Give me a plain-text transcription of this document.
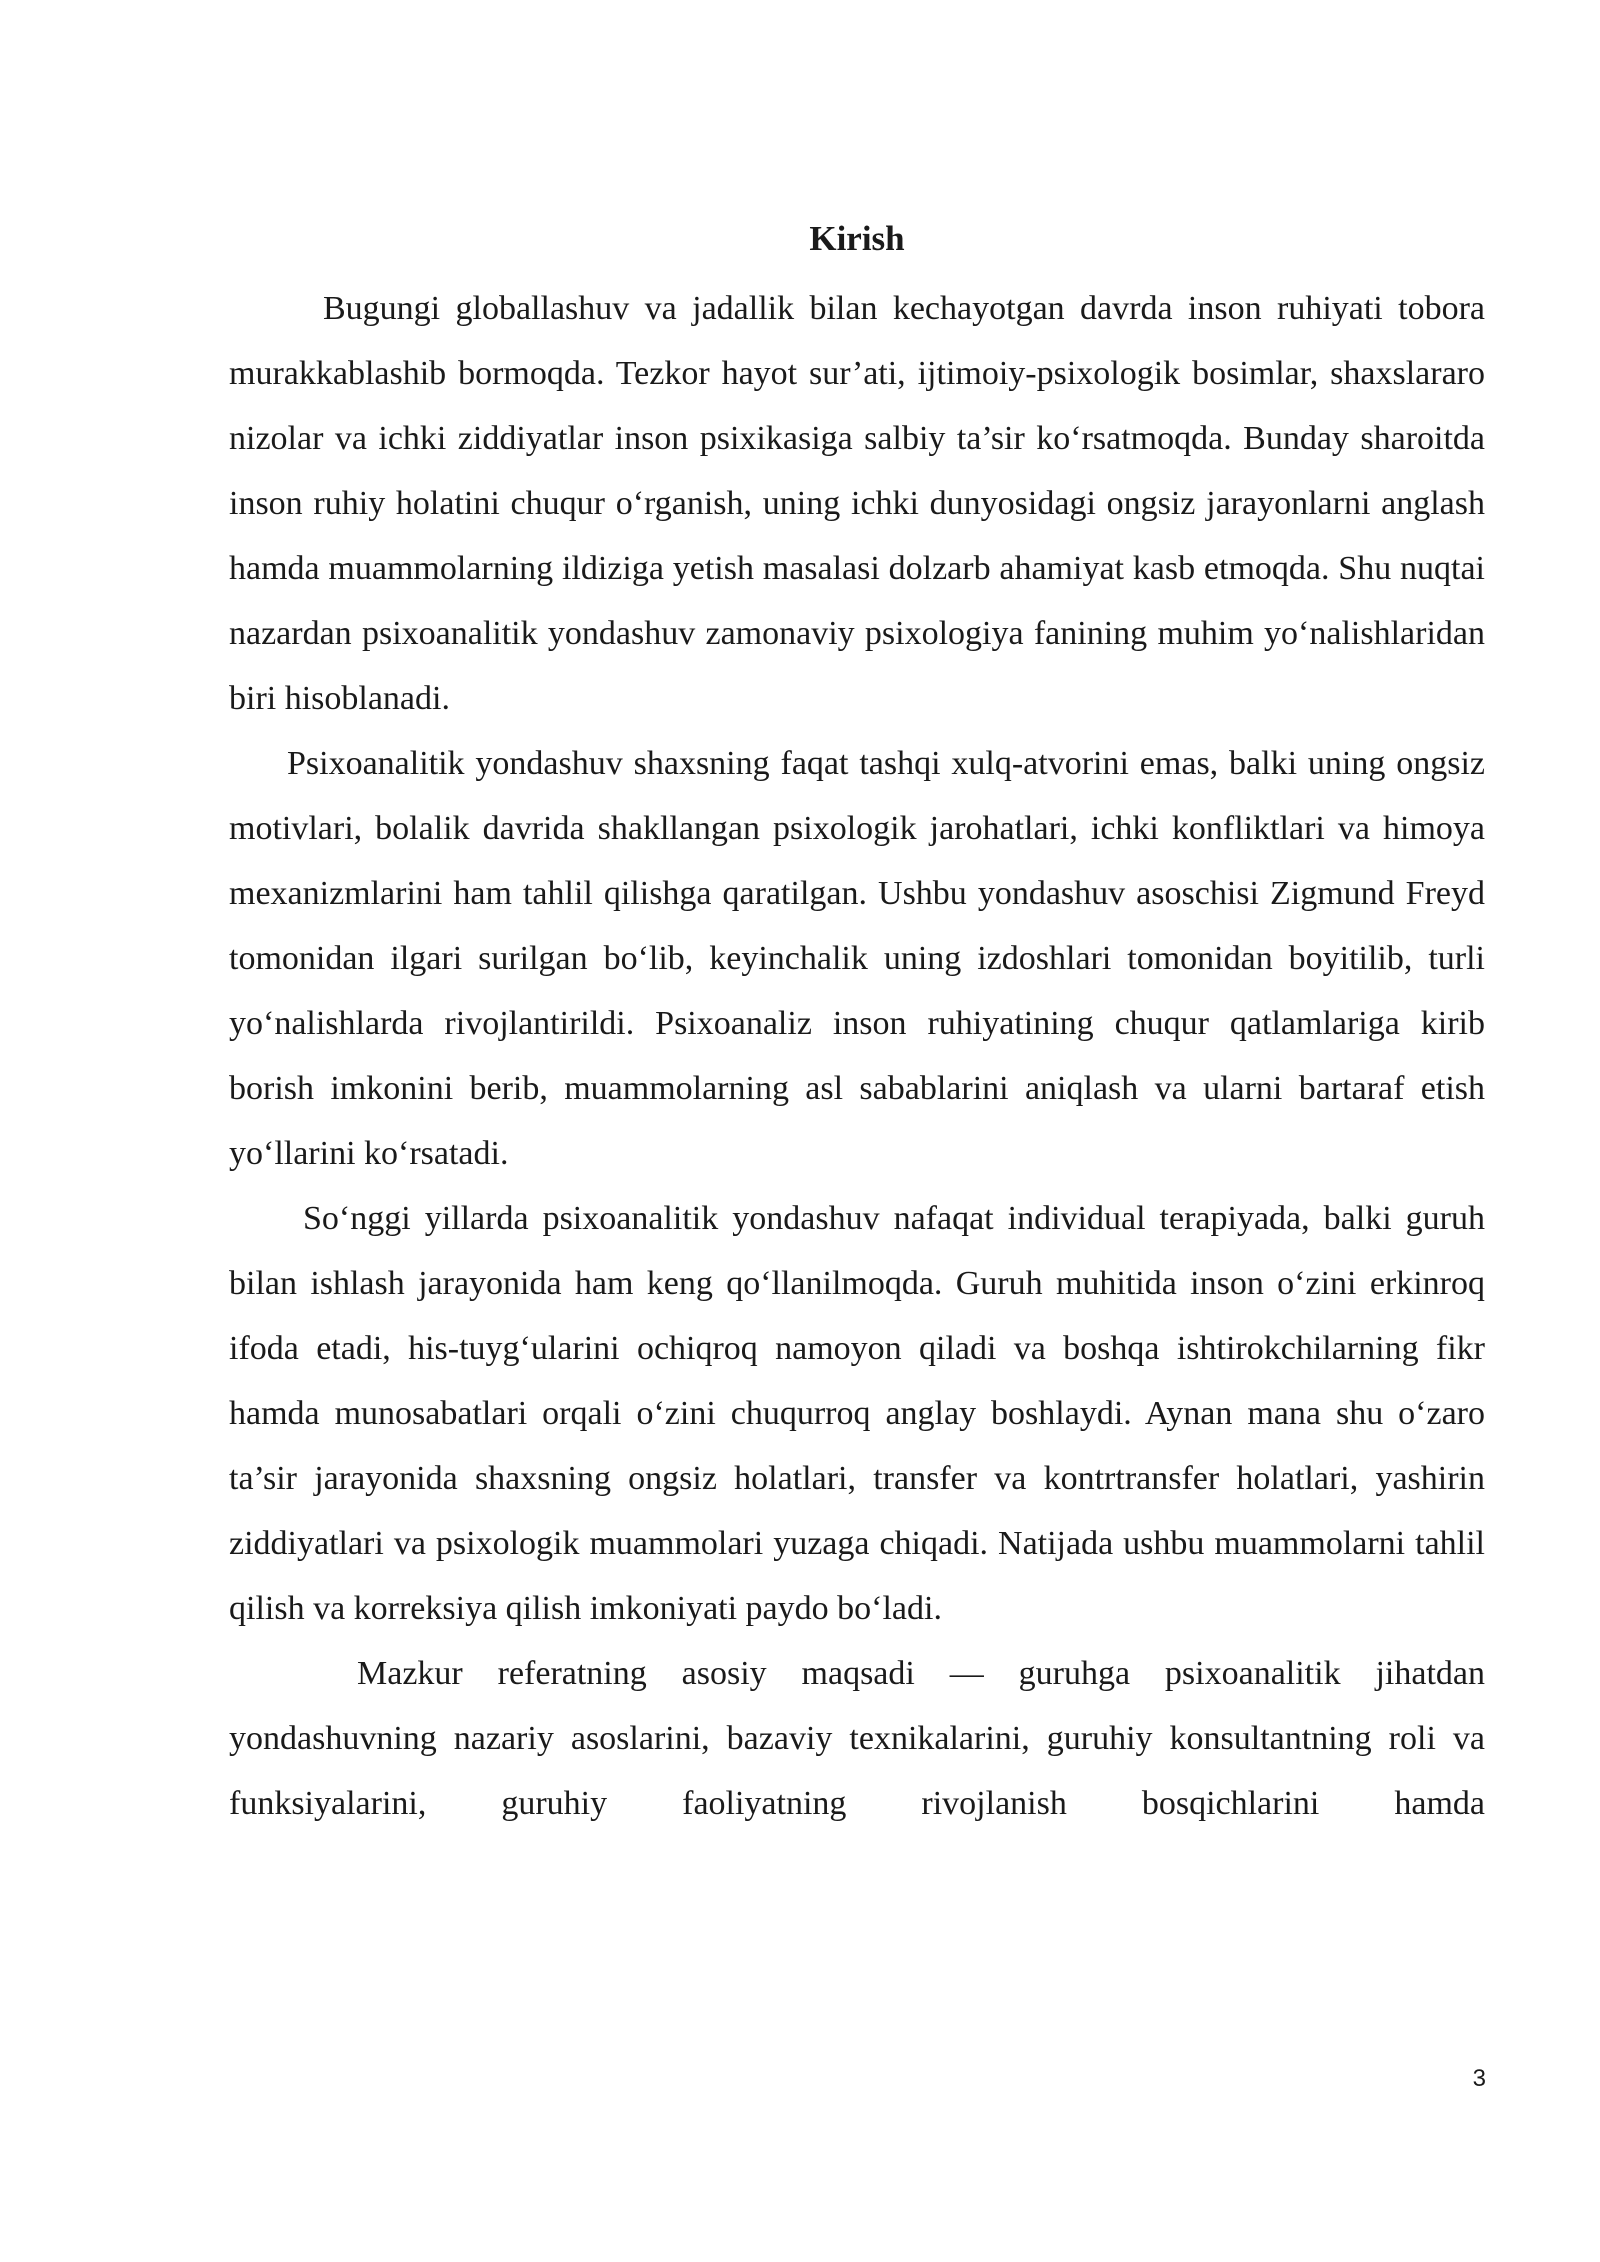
Kirish

Bugungi globallashuv va jadallik bilan kechayotgan davrda inson ruhiyati tobora murakkablashib bormoqda. Tezkor hayot sur’ati, ijtimoiy-psixologik bosimlar, shaxslararo nizolar va ichki ziddiyatlar inson psixikasiga salbiy ta’sir ko‘rsatmoqda. Bunday sharoitda inson ruhiy holatini chuqur o‘rganish, uning ichki dunyosidagi ongsiz jarayonlarni anglash hamda muammolarning ildiziga yetish masalasi dolzarb ahamiyat kasb etmoqda. Shu nuqtai nazardan psixoanalitik yondashuv zamonaviy psixologiya fanining muhim yo‘nalishlaridan biri hisoblanadi.

Psixoanalitik yondashuv shaxsning faqat tashqi xulq-atvorini emas, balki uning ongsiz motivlari, bolalik davrida shakllangan psixologik jarohatlari, ichki konfliktlari va himoya mexanizmlarini ham tahlil qilishga qaratilgan. Ushbu yondashuv asoschisi Zigmund Freyd tomonidan ilgari surilgan bo‘lib, keyinchalik uning izdoshlari tomonidan boyitilib, turli yo‘nalishlarda rivojlantirildi. Psixoanaliz inson ruhiyatining chuqur qatlamlariga kirib borish imkonini berib, muammolarning asl sabablarini aniqlash va ularni bartaraf etish yo‘llarini ko‘rsatadi.

So‘nggi yillarda psixoanalitik yondashuv nafaqat individual terapiyada, balki guruh bilan ishlash jarayonida ham keng qo‘llanilmoqda. Guruh muhitida inson o‘zini erkinroq ifoda etadi, his-tuyg‘ularini ochiqroq namoyon qiladi va boshqa ishtirokchilarning fikr hamda munosabatlari orqali o‘zini chuqurroq anglay boshlaydi. Aynan mana shu o‘zaro ta’sir jarayonida shaxsning ongsiz holatlari, transfer va kontrtransfer holatlari, yashirin ziddiyatlari va psixologik muammolari yuzaga chiqadi. Natijada ushbu muammolarni tahlil qilish va korreksiya qilish imkoniyati paydo bo‘ladi.

Mazkur referatning asosiy maqsadi — guruhga psixoanalitik jihatdan yondashuvning nazariy asoslarini, bazaviy texnikalarini, guruhiy konsultantning roli va funksiyalarini, guruhiy faoliyatning rivojlanish bosqichlarini hamda

3
